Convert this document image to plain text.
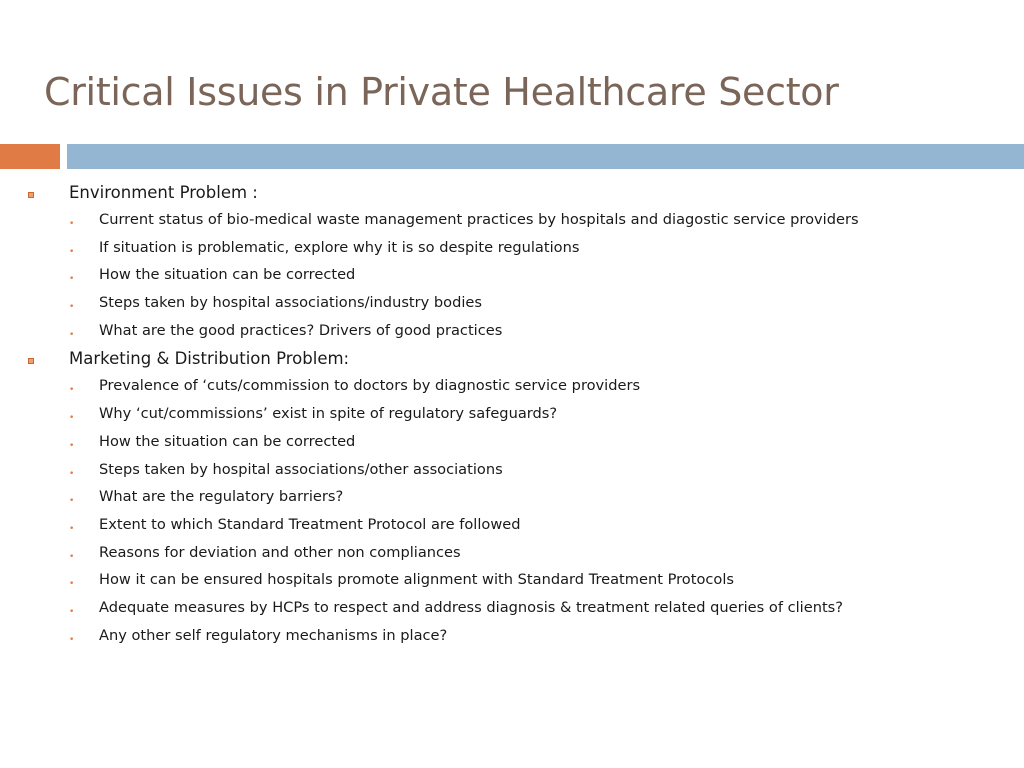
Critical Issues in Private Healthcare Sector
Environment Problem :
• Current status of bio-medical waste management practices by hospitals and diagostic service providers
• If situation is problematic, explore why it is so despite regulations
• How the situation can be corrected
• Steps taken by hospital associations/industry bodies
• What are the good practices? Drivers of good practices
Marketing & Distribution Problem:
• Prevalence of ‘cuts/commission to doctors by diagnostic service providers
• Why ‘cut/commissions’ exist in spite of regulatory safeguards?
• How the situation can be corrected
• Steps taken by hospital associations/other associations
• What are the regulatory barriers?
• Extent to which Standard Treatment Protocol are followed
• Reasons for deviation and other non compliances
• How it can be ensured hospitals promote alignment with Standard Treatment Protocols
• Adequate measures by HCPs to respect and address diagnosis & treatment related queries of clients?
• Any other self regulatory mechanisms in place?
